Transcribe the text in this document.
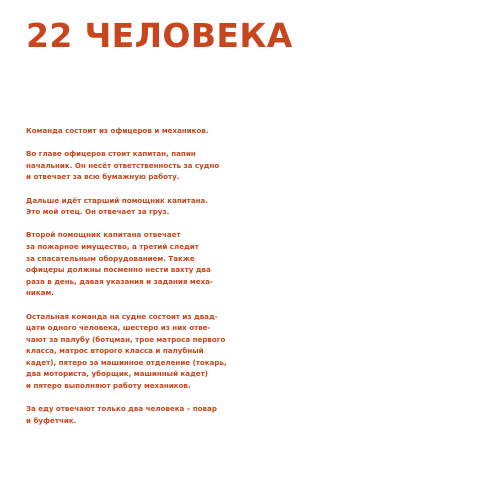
22 ЧЕЛОВЕКА

Команда состоит из офицеров и механиков.

Во главе офицеров стоит капитан, папин
начальник. Он несёт ответственность за судно
и отвечает за всю бумажную работу.

Дальше идёт старший помощник капитана.
Это мой отец. Он отвечает за груз.

Второй помощник капитана отвечает
за пожарное имущество, а третий следит
за спасательным оборудованием. Также
офицеры должны посменно нести вахту два
раза в день, давая указания и задания меха-
никам.

Остальная команда на судне состоит из двад-
цати одного человека, шестеро из них отве-
чают за палубу (ботцман, трое матроса первого
класса, матрос второго класса и палубный
кадет), пятеро за машинное отделение (токарь,
два моториста, уборщик, машинный кадет)
и пятеро выполняют работу механиков.

За еду отвечают только два человека – повар
и буфетчик.
